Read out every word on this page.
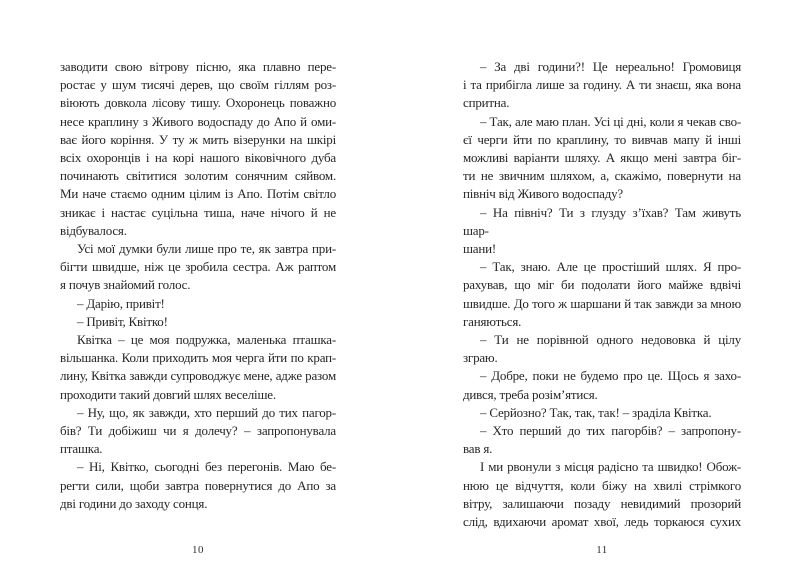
заводити свою вітрову пісню, яка плавно пере-
ростає у шум тисячі дерев, що своїм гіллям роз-
віюють довкола лісову тишу. Охоронець поважно
несе краплину з Живого водоспаду до Апо й оми-
ває його коріння. У ту ж мить візерунки на шкірі
всіх охоронців і на корі нашого віковічного дуба
починають світитися золотим сонячним сяйвом.
Ми наче стаємо одним цілим із Апо. Потім світло
зникає і настає суцільна тиша, наче нічого й не
відбувалося.
Усі мої думки були лише про те, як завтра при-
бігти швидше, ніж це зробила сестра. Аж раптом
я почув знайомий голос.
– Дарію, привіт!
– Привіт, Квітко!
Квітка – це моя подружка, маленька пташка-
вільшанка. Коли приходить моя черга йти по крап-
лину, Квітка завжди супроводжує мене, адже разом
проходити такий довгий шлях веселіше.
– Ну, що, як завжди, хто перший до тих пагор-
бів? Ти добіжиш чи я долечу? – запропонувала
пташка.
– Ні, Квітко, сьогодні без перегонів. Маю бе-
регти сили, щоби завтра повернутися до Апо за
дві години до заходу сонця.
10
– За дві години?! Це нереально! Громовиця
і та прибігла лише за годину. А ти знаєш, яка вона
спритна.
– Так, але маю план. Усі ці дні, коли я чекав сво-
єї черги йти по краплину, то вивчав мапу й інші
можливі варіанти шляху. А якщо мені завтра біг-
ти не звичним шляхом, а, скажімо, повернути на
північ від Живого водоспаду?
– На північ? Ти з глузду з’їхав? Там живуть шар-
шани!
– Так, знаю. Але це простіший шлях. Я про-
рахував, що міг би подолати його майже вдвічі
швидше. До того ж шаршани й так завжди за мною
ганяються.
– Ти не порівнюй одного недововка й цілу
зграю.
– Добре, поки не будемо про це. Щось я захо-
дився, треба розім’ятися.
– Серйозно? Так, так, так! – зраділа Квітка.
– Хто перший до тих пагорбів? – запропону-
вав я.
І ми рвонули з місця радісно та швидко! Обож-
нюю це відчуття, коли біжу на хвилі стрімкого
вітру, залишаючи позаду невидимий прозорий
слід, вдихаючи аромат хвої, ледь торкаюся сухих
11
